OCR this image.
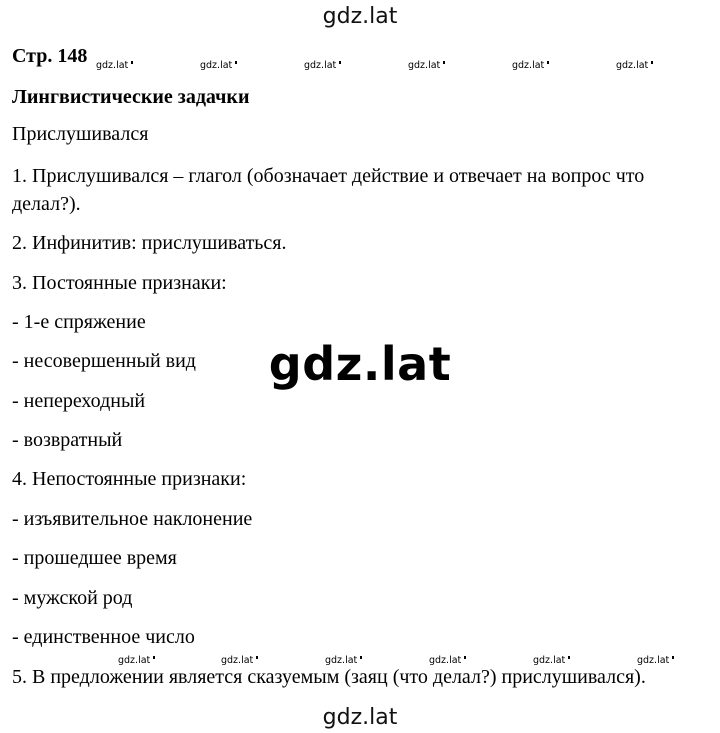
gdz.lat
Стр. 148 gdz.lat	gdz.lat	gdz.lat	gdz.lat	gdz.lat	gdz.lat
Лингвистические задачки
Прислушивался
1. Прислушивался – глагол (обозначает действие и отвечает на вопрос что
делал?).
2. Инфинитив: прислушиваться.
3. Постоянные признаки:
- 1-е спряжение
- несовершенный вид
- непереходный
- возвратный
4. Непостоянные признаки:
- изъявительное наклонение
- прошедшее время
- мужской род
- единственное число
gdz.lat	gdz.lat	gdz.lat	gdz.lat	gdz.lat	gdz.lat
5. В предложении является сказуемым (заяц (что делал?) прислушивался).
gdz.lat
gdz.lat
